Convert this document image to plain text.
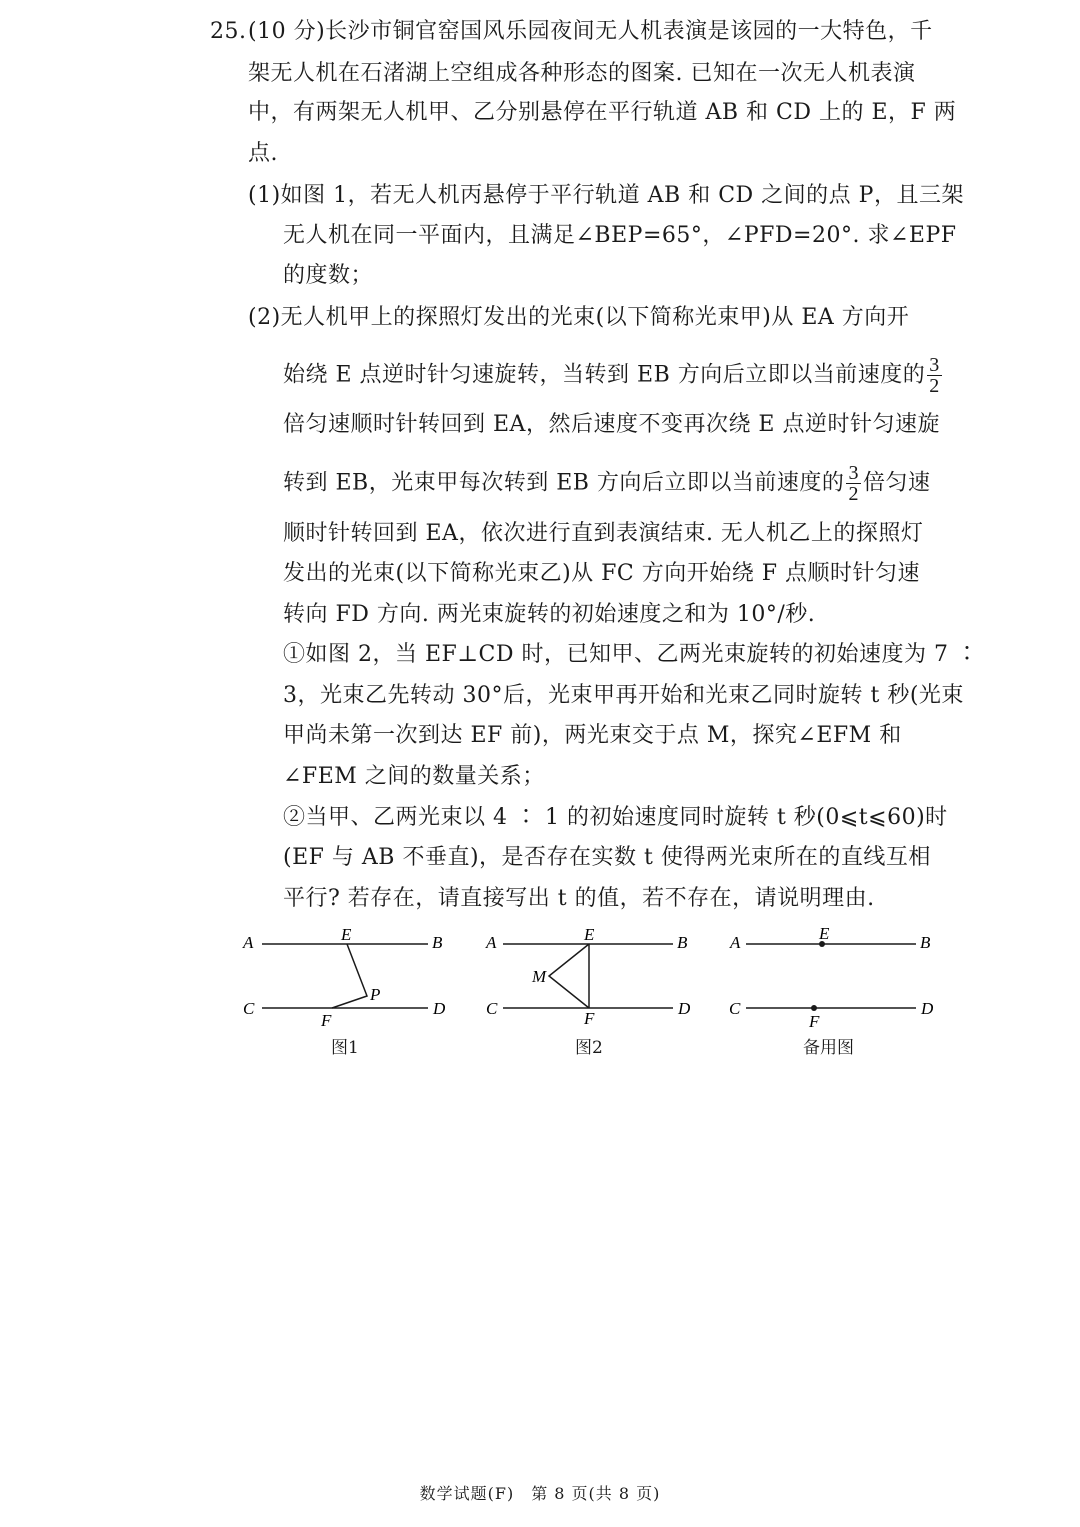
25. (10 分)长沙市铜官窑国风乐园夜间无人机表演是该园的一大特色，千
架无人机在石渚湖上空组成各种形态的图案. 已知在一次无人机表演
中，有两架无人机甲、乙分别悬停在平行轨道 AB 和 CD 上的 E，F 两
点.
(1)如图 1，若无人机丙悬停于平行轨道 AB 和 CD 之间的点 P，且三架
无人机在同一平面内，且满足∠BEP=65°，∠PFD=20°. 求∠EPF
的度数；
(2)无人机甲上的探照灯发出的光束(以下简称光束甲)从 EA 方向开
始绕 E 点逆时针匀速旋转，当转到 EB 方向后立即以当前速度的 $\frac{3}{2}$
倍匀速顺时针转回到 EA，然后速度不变再次绕 E 点逆时针匀速旋
转到 EB，光束甲每次转到 EB 方向后立即以当前速度的 $\frac{3}{2}$ 倍匀速
顺时针转回到 EA，依次进行直到表演结束. 无人机乙上的探照灯
发出的光束(以下简称光束乙)从 FC 方向开始绕 F 点顺时针匀速
转向 FD 方向. 两光束旋转的初始速度之和为 10°/秒.
①如图 2，当 EF⊥CD 时，已知甲、乙两光束旋转的初始速度为 7 ∶
3，光束乙先转动 30°后，光束甲再开始和光束乙同时旋转 t 秒(光束
甲尚未第一次到达 EF 前)，两光束交于点 M，探究∠EFM 和
∠FEM 之间的数量关系；
②当甲、乙两光束以 4 ∶ 1 的初始速度同时旋转 t 秒(0⩽t⩽60)时
(EF 与 AB 不垂直)，是否存在实数 t 使得两光束所在的直线互相
平行? 若存在，请直接写出 t 的值，若不存在，请说明理由.
A	B
C	D
E
F
P
A	B
C	D
E
F
M
A	B
C	D
E
F
图1	图2	备用图
数学试题(F)　第 8 页(共 8 页)
